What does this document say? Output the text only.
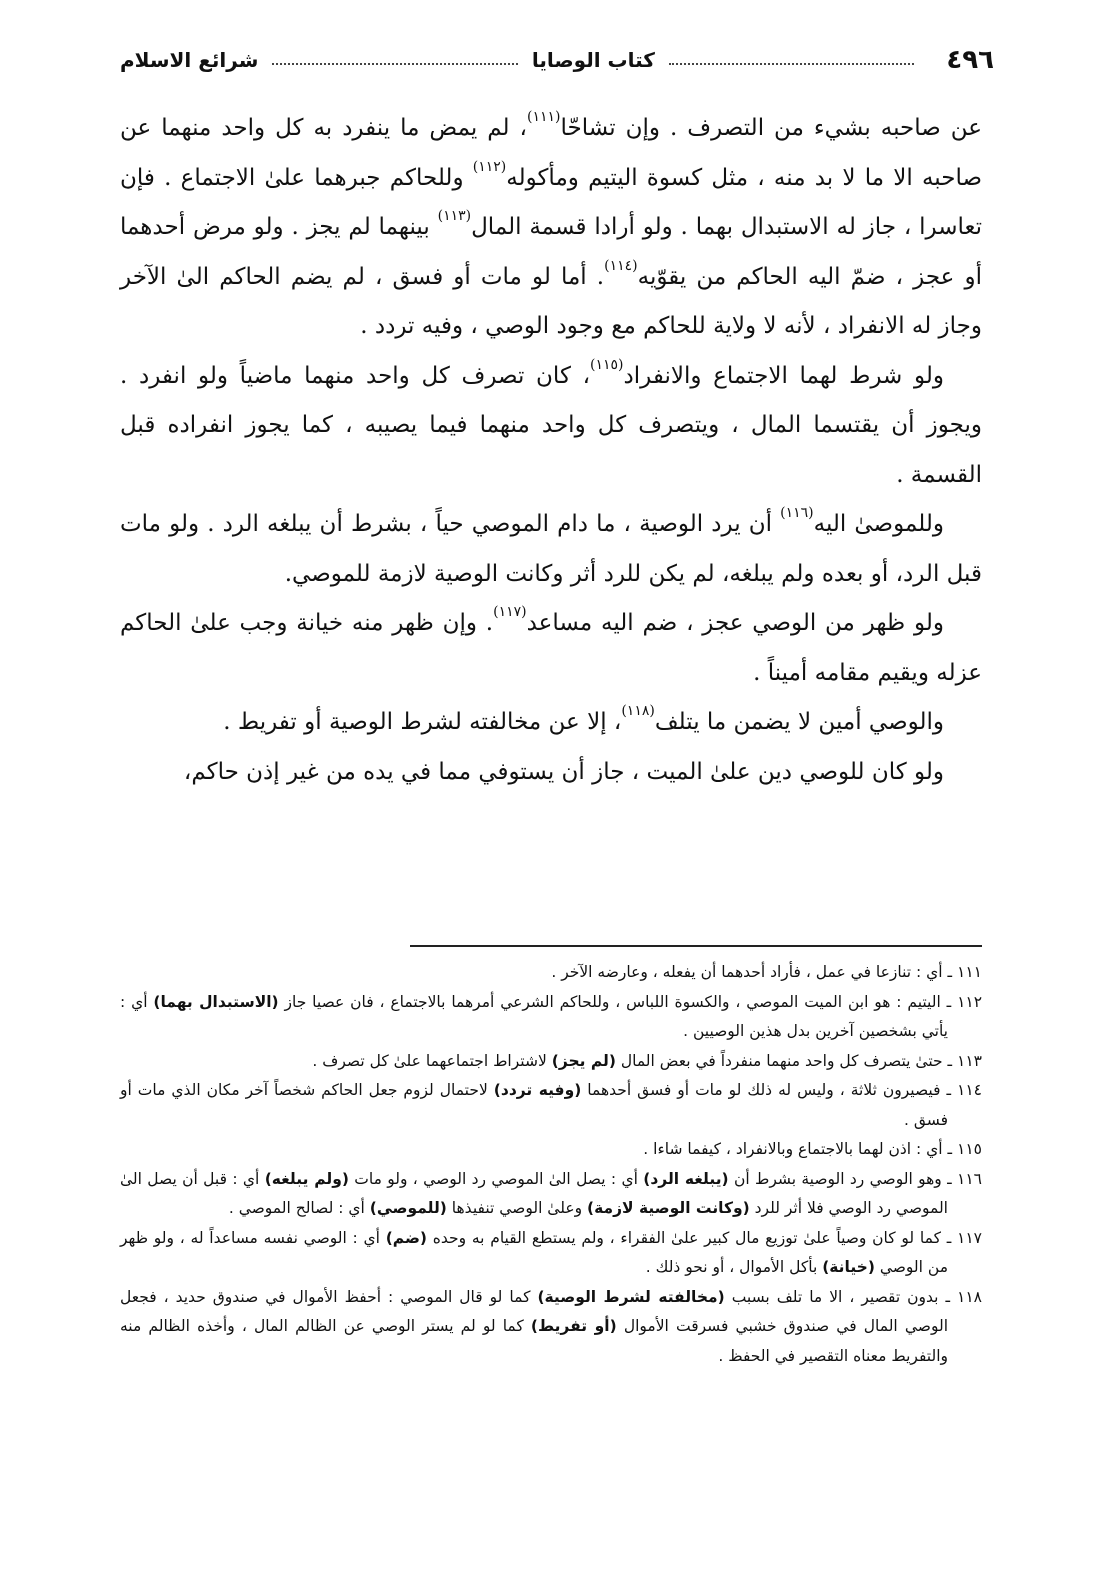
٤٩٦
كتاب الوصايا
شرائع الاسلام

عن صاحبه بشيء من التصرف . وإن تشاحّا$^{(١١١)}$، لم يمض ما ينفرد به كل واحد منهما عن صاحبه الا ما لا بد منه ، مثل كسوة اليتيم ومأكوله$^{(١١٢)}$ وللحاكم جبرهما علىٰ الاجتماع . فإن تعاسرا ، جاز له الاستبدال بهما . ولو أرادا قسمة المال$^{(١١٣)}$ بينهما لم يجز . ولو مرض أحدهما أو عجز ، ضمّ اليه الحاكم من يقوّيه$^{(١١٤)}$. أما لو مات أو فسق ، لم يضم الحاكم الىٰ الآخر وجاز له الانفراد ، لأنه لا ولاية للحاكم مع وجود الوصي ، وفيه تردد .

ولو شرط لهما الاجتماع والانفراد$^{(١١٥)}$، كان تصرف كل واحد منهما ماضياً ولو انفرد . ويجوز أن يقتسما المال ، ويتصرف كل واحد منهما فيما يصيبه ، كما يجوز انفراده قبل القسمة .

وللموصىٰ اليه$^{(١١٦)}$ أن يرد الوصية ، ما دام الموصي حياً ، بشرط أن يبلغه الرد . ولو مات قبل الرد، أو بعده ولم يبلغه، لم يكن للرد أثر وكانت الوصية لازمة للموصي.

ولو ظهر من الوصي عجز ، ضم اليه مساعد$^{(١١٧)}$. وإن ظهر منه خيانة وجب علىٰ الحاكم عزله ويقيم مقامه أميناً .

والوصي أمين لا يضمن ما يتلف$^{(١١٨)}$، إلا عن مخالفته لشرط الوصية أو تفريط .

ولو كان للوصي دين علىٰ الميت ، جاز أن يستوفي مما في يده من غير إذن حاكم،

١١١ ـ أي : تنازعا في عمل ، فأراد أحدهما أن يفعله ، وعارضه الآخر .

١١٢ ـ اليتيم : هو ابن الميت الموصي ، والكسوة اللباس ، وللحاكم الشرعي أمرهما بالاجتماع ، فان عصيا جاز (الاستبدال بهما) أي : يأتي بشخصين آخرين بدل هذين الوصيين .

١١٣ ـ حتىٰ يتصرف كل واحد منهما منفرداً في بعض المال (لم يجز) لاشتراط اجتماعهما علىٰ كل تصرف .

١١٤ ـ فيصيرون ثلاثة ، وليس له ذلك لو مات أو فسق أحدهما (وفيه تردد) لاحتمال لزوم جعل الحاكم شخصاً آخر مكان الذي مات أو فسق .

١١٥ ـ أي : اذن لهما بالاجتماع وبالانفراد ، كيفما شاءا .

١١٦ ـ وهو الوصي رد الوصية بشرط أن (يبلغه الرد) أي : يصل الىٰ الموصي رد الوصي ، ولو مات (ولم يبلغه) أي : قبل أن يصل الىٰ الموصي رد الوصي فلا أثر للرد (وكانت الوصية لازمة) وعلىٰ الوصي تنفيذها (للموصي) أي : لصالح الموصي .

١١٧ ـ كما لو كان وصياً علىٰ توزيع مال كبير علىٰ الفقراء ، ولم يستطع القيام به وحده (ضم) أي : الوصي نفسه مساعداً له ، ولو ظهر من الوصي (خيانة) بأكل الأموال ، أو نحو ذلك .

١١٨ ـ بدون تقصير ، الا ما تلف بسبب (مخالفته لشرط الوصية) كما لو قال الموصي : أحفظ الأموال في صندوق حديد ، فجعل الوصي المال في صندوق خشبي فسرقت الأموال (أو تفريط) كما لو لم يستر الوصي عن الظالم المال ، وأخذه الظالم منه والتفريط معناه التقصير في الحفظ .
